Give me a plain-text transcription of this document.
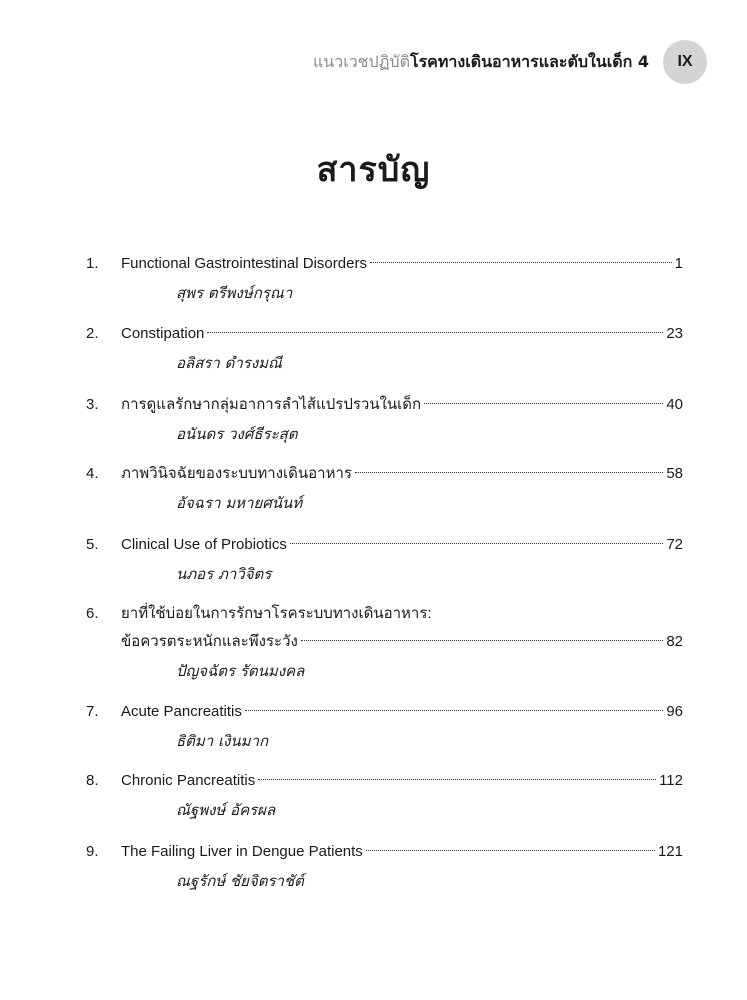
แนวเวชปฏิบัติโรคทางเดินอาหารและตับในเด็ก 4	IX
สารบัญ
1. Functional Gastrointestinal Disorders	1
สุพร ตรีพงษ์กรุณา
2. Constipation	23
อลิสรา ดำรงมณี
3. การดูแลรักษากลุ่มอาการลำไส้แปรปรวนในเด็ก	40
อนันดร วงศ์ธีระสุต
4. ภาพวินิจฉัยของระบบทางเดินอาหาร	58
อัจฉรา มหายศนันท์
5. Clinical Use of Probiotics	72
นภอร ภาวิจิตร
6. ยาที่ใช้บ่อยในการรักษาโรคระบบทางเดินอาหาร:
ข้อควรตระหนักและพึงระวัง	82
ปัญจฉัตร รัตนมงคล
7. Acute Pancreatitis	96
ธิติมา เงินมาก
8. Chronic Pancreatitis	112
ณัฐพงษ์ อัครผล
9. The Failing Liver in Dengue Patients	121
ณฐรักษ์ ชัยจิตราชัต์
